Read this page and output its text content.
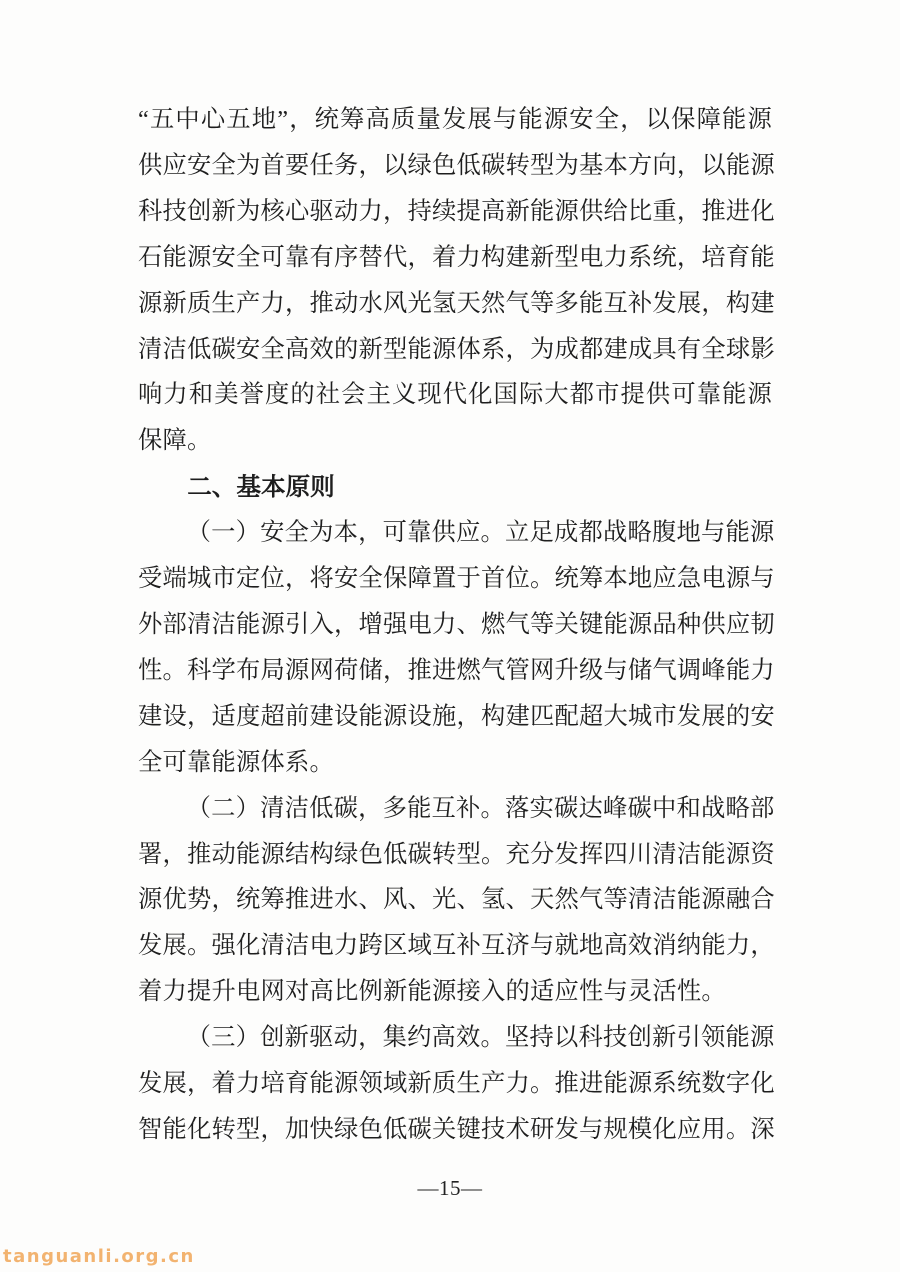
“五中心五地”，统筹高质量发展与能源安全，以保障能源
供应安全为首要任务，以绿色低碳转型为基本方向，以能源
科技创新为核心驱动力，持续提高新能源供给比重，推进化
石能源安全可靠有序替代，着力构建新型电力系统，培育能
源新质生产力，推动水风光氢天然气等多能互补发展，构建
清洁低碳安全高效的新型能源体系，为成都建成具有全球影
响力和美誉度的社会主义现代化国际大都市提供可靠能源
保障。
二、基本原则
（一）安全为本，可靠供应。立足成都战略腹地与能源
受端城市定位，将安全保障置于首位。统筹本地应急电源与
外部清洁能源引入，增强电力、燃气等关键能源品种供应韧
性。科学布局源网荷储，推进燃气管网升级与储气调峰能力
建设，适度超前建设能源设施，构建匹配超大城市发展的安
全可靠能源体系。
（二）清洁低碳，多能互补。落实碳达峰碳中和战略部
署，推动能源结构绿色低碳转型。充分发挥四川清洁能源资
源优势，统筹推进水、风、光、氢、天然气等清洁能源融合
发展。强化清洁电力跨区域互补互济与就地高效消纳能力，
着力提升电网对高比例新能源接入的适应性与灵活性。
（三）创新驱动，集约高效。坚持以科技创新引领能源
发展，着力培育能源领域新质生产力。推进能源系统数字化
智能化转型，加快绿色低碳关键技术研发与规模化应用。深
—15—
tanguanli.org.cn
